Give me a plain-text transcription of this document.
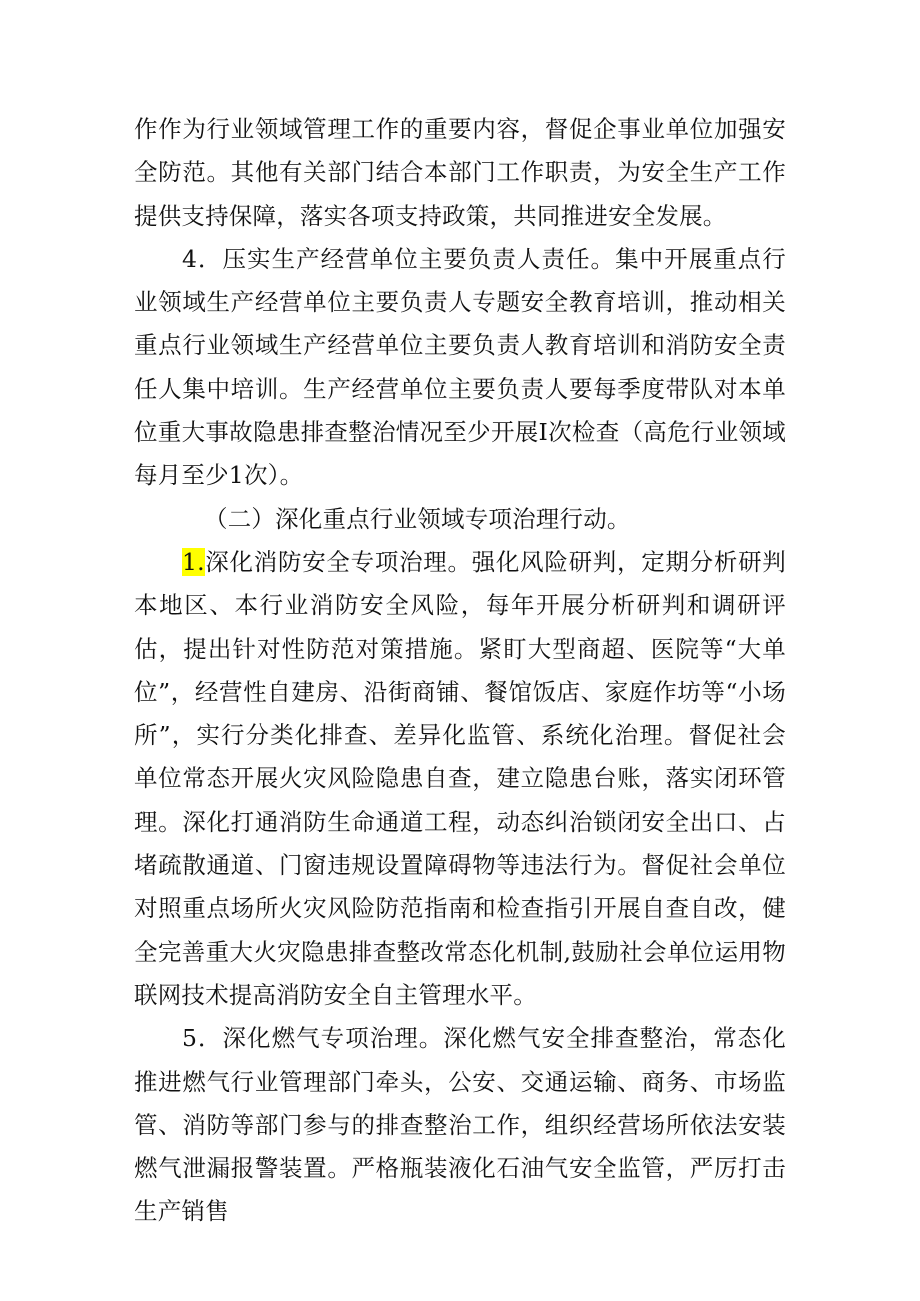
作作为行业领域管理工作的重要内容，督促企事业单位加强安全防范。其他有关部门结合本部门工作职责，为安全生产工作提供支持保障，落实各项支持政策，共同推进安全发展。

4．压实生产经营单位主要负责人责任。集中开展重点行业领域生产经营单位主要负责人专题安全教育培训，推动相关重点行业领域生产经营单位主要负责人教育培训和消防安全责任人集中培训。生产经营单位主要负责人要每季度带队对本单位重大事故隐患排查整治情况至少开展I次检查（高危行业领域每月至少1次）。

（二）深化重点行业领域专项治理行动。

1.深化消防安全专项治理。强化风险研判，定期分析研判本地区、本行业消防安全风险，每年开展分析研判和调研评估，提出针对性防范对策措施。紧盯大型商超、医院等“大单位”，经营性自建房、沿街商铺、餐馆饭店、家庭作坊等“小场所”，实行分类化排查、差异化监管、系统化治理。督促社会单位常态开展火灾风险隐患自查，建立隐患台账，落实闭环管理。深化打通消防生命通道工程，动态纠治锁闭安全出口、占堵疏散通道、门窗违规设置障碍物等违法行为。督促社会单位对照重点场所火灾风险防范指南和检查指引开展自查自改，健全完善重大火灾隐患排查整改常态化机制,鼓励社会单位运用物联网技术提高消防安全自主管理水平。

5．深化燃气专项治理。深化燃气安全排查整治，常态化推进燃气行业管理部门牵头，公安、交通运输、商务、市场监管、消防等部门参与的排查整治工作，组织经营场所依法安装燃气泄漏报警装置。严格瓶装液化石油气安全监管，严厉打击生产销售
